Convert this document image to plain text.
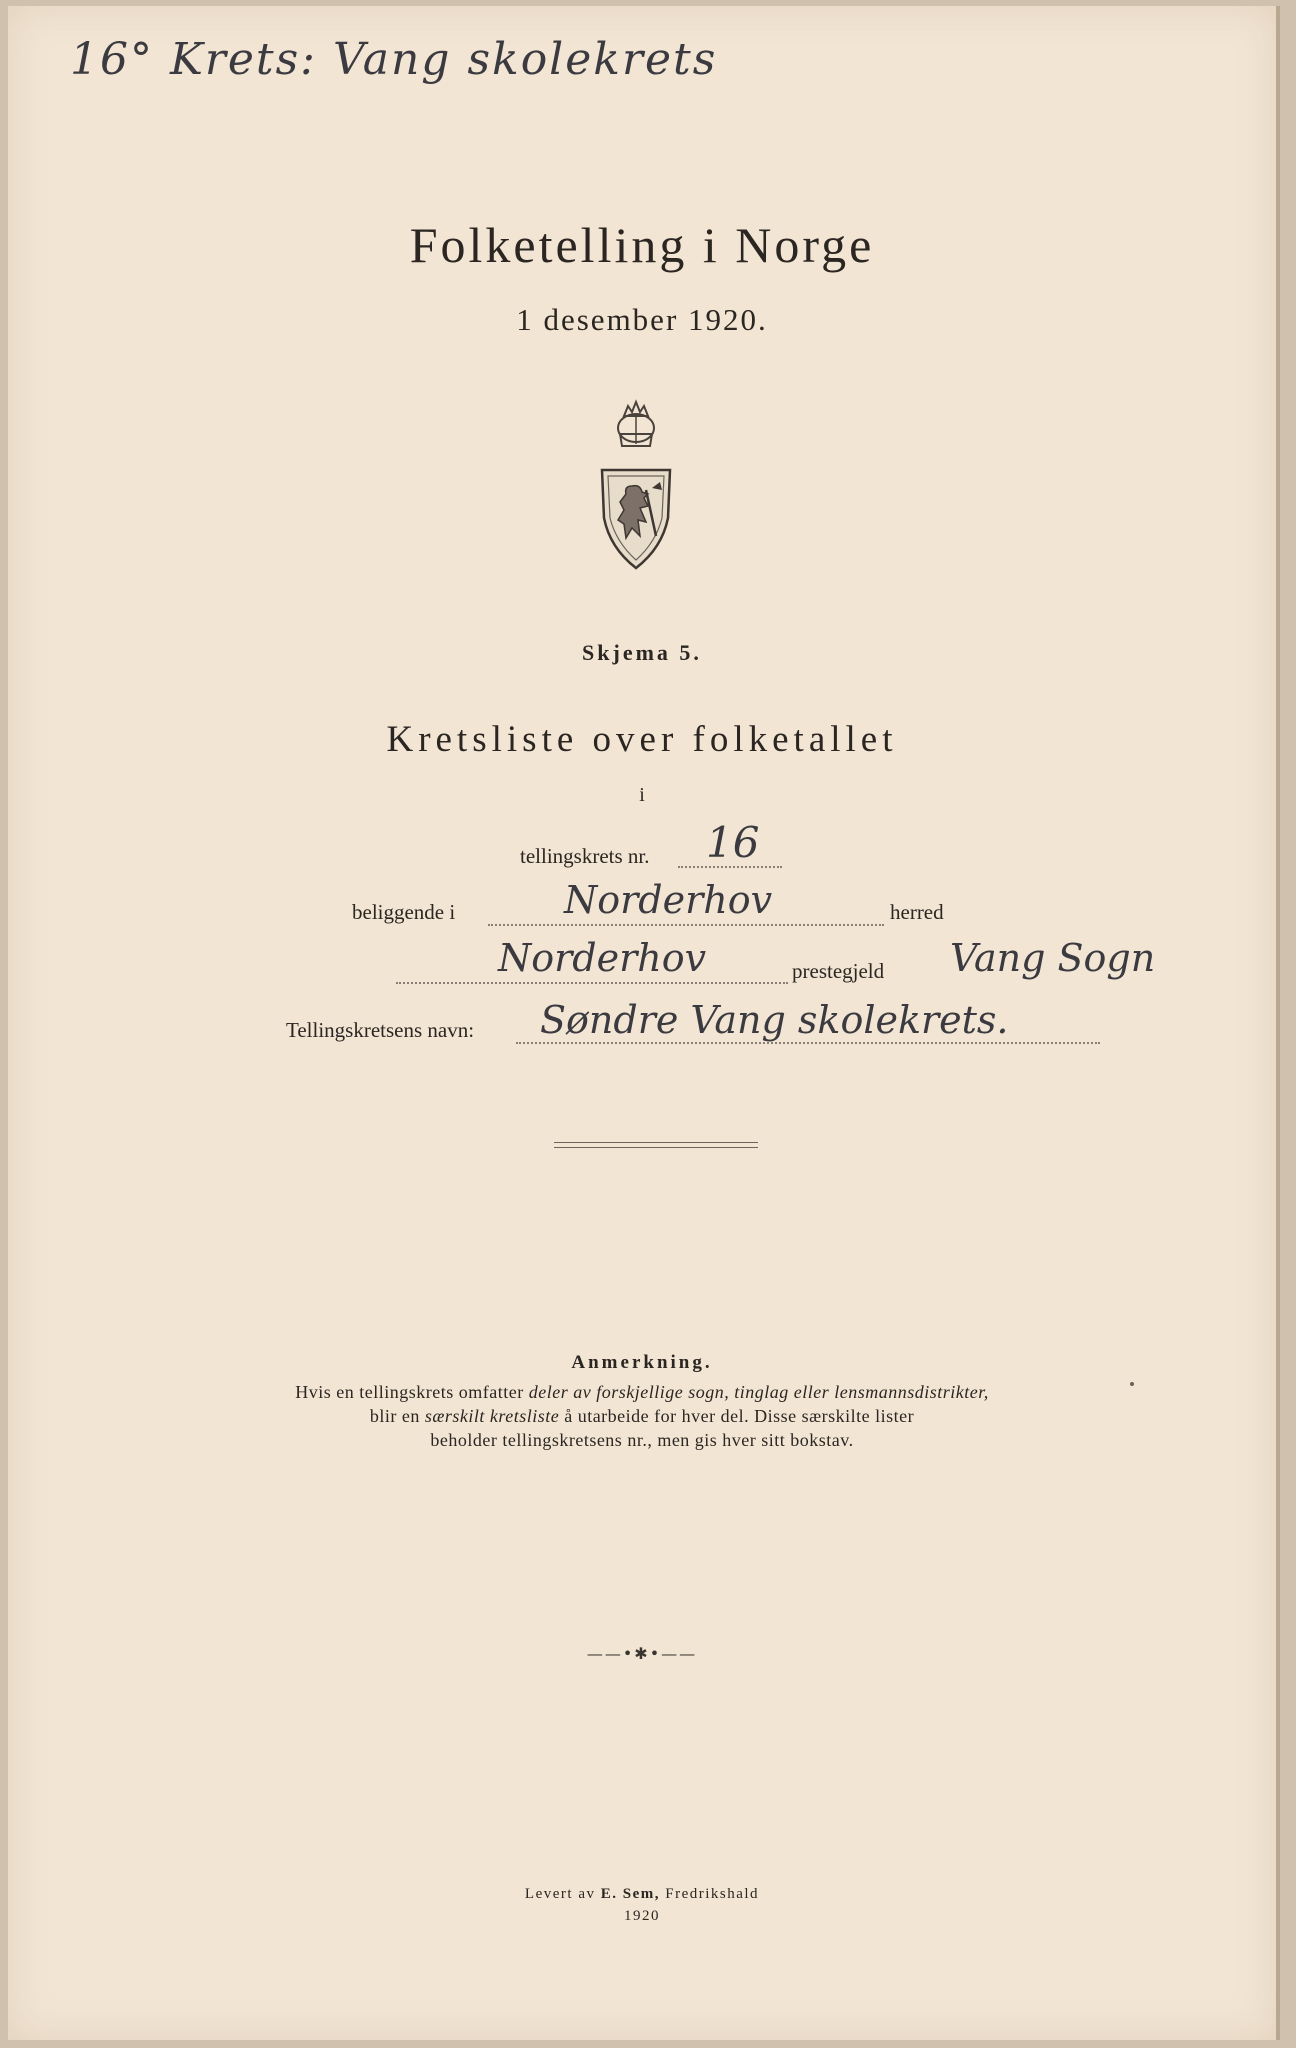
16° Krets: Vang skolekrets
Folketelling i Norge
1 desember 1920.
Skjema 5.
Kretsliste over folketallet
i
tellingskrets nr. 16
beliggende i	Norderhov	herred
Norderhov	prestegjeld Vang Sogn
Tellingskretsens navn: Søndre Vang skolekrets.
Anmerkning.
Hvis en tellingskrets omfatter deler av forskjellige sogn, tinglag eller lensmannsdistrikter,
blir en særskilt kretsliste å utarbeide for hver del. Disse særskilte lister
beholder tellingskretsens nr., men gis hver sitt bokstav.
——•✱•——
Levert av E. Sem, Fredrikshald
1920
